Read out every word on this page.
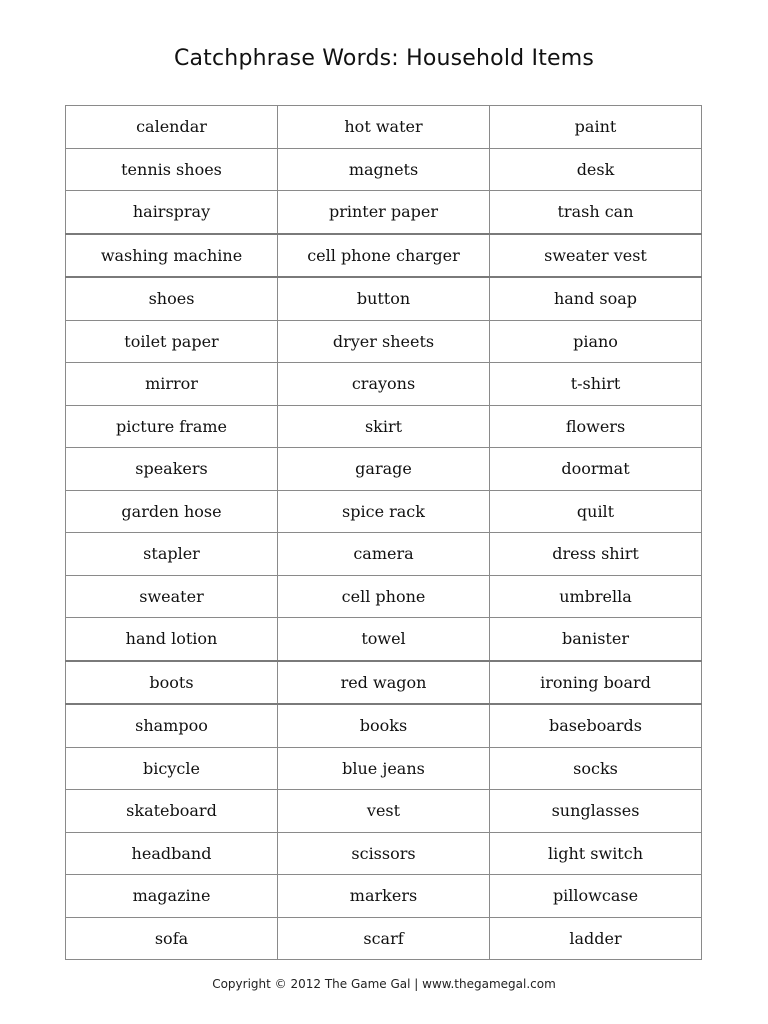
Catchphrase Words: Household Items
calendar	hot water	paint
tennis shoes	magnets	desk
hairspray	printer paper	trash can
washing machine	cell phone charger	sweater vest
shoes	button	hand soap
toilet paper	dryer sheets	piano
mirror	crayons	t-shirt
picture frame	skirt	flowers
speakers	garage	doormat
garden hose	spice rack	quilt
stapler	camera	dress shirt
sweater	cell phone	umbrella
hand lotion	towel	banister
boots	red wagon	ironing board
shampoo	books	baseboards
bicycle	blue jeans	socks
skateboard	vest	sunglasses
headband	scissors	light switch
magazine	markers	pillowcase
sofa	scarf	ladder
Copyright © 2012 The Game Gal | www.thegamegal.com
